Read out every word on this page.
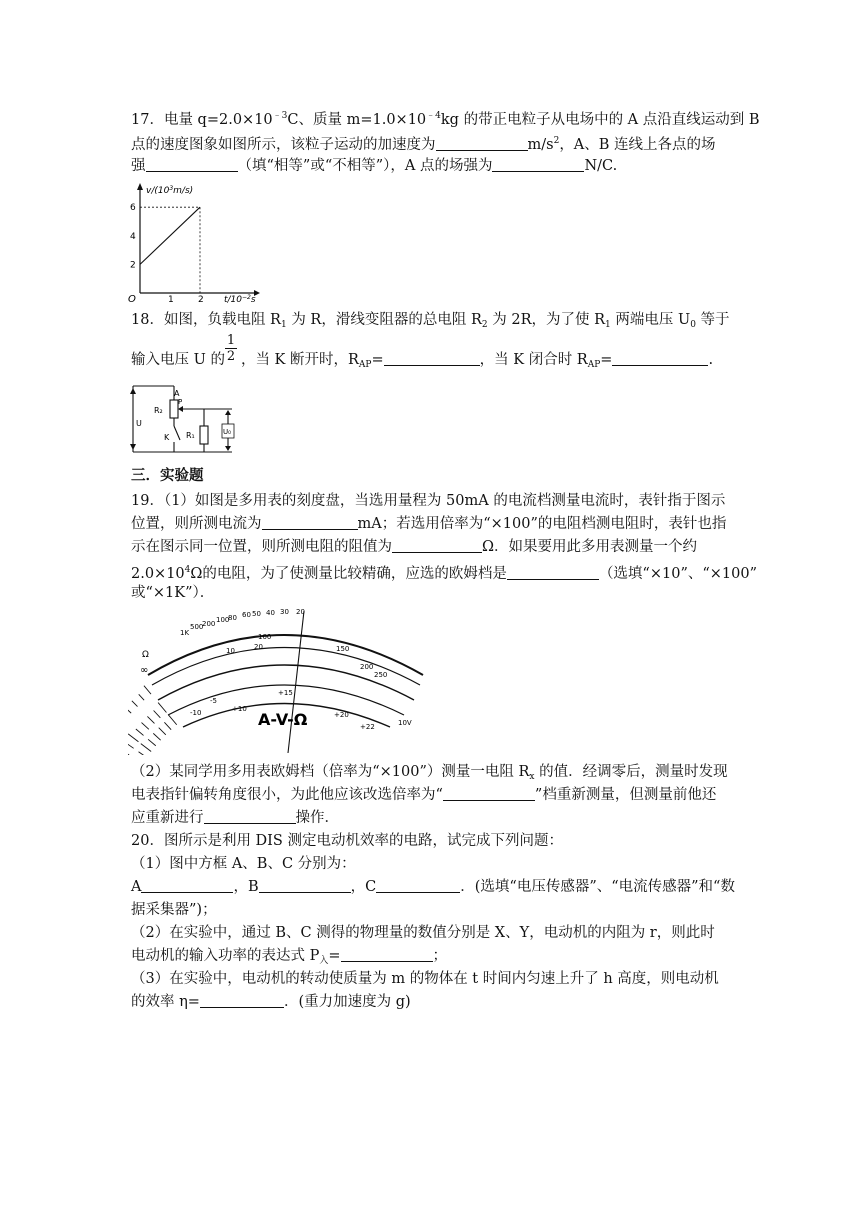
17．电量 $q=2.0\times 10^{﹣3}C$、质量 $m=1.0\times 10^{﹣4}kg$ 的带正电粒子从电场中的 A 点沿直线运动到 B
点的速度图象如图所示，该粒子运动的加速度为	$m/s^2$，A、B 连线上各点的场
强	（填“相等”或“不相等”），A 点的场强为	N/C.
2
4
6
1	2
$v/(10^3m/s)$
O	$t/10^{-2}s$
18．如图，负载电阻 $R_1$ 为 R，滑线变阻器的总电阻 $R_2$ 为 2R，为了使 $R_1$ 两端电压 $U_0$ 等于
1
2
输入电压 U 的 ，当 K 断开时，$R_{AP}=$	，当 K 闭合时 $R_{AP}=$	.
A
P
R₂
U
K R₁	U₀
三．实验题
19．（1）如图是多用表的刻度盘，当选用量程为 50mA 的电流档测量电流时，表针指于图示
位置，则所测电流为	mA；若选用倍率为“×100”的电阻档测电阻时，表针也指
示在图示同一位置，则所测电阻的阻值为	Ω．如果要用此多用表测量一个约
$2.0\times 10^4\Omega$的电阻，为了使测量比较精确，应选的欧姆档是	（选填“×10”、“×100”
或“×1K”）．
1K
500
200 100
80 60 50 40 30 20
10	20
100
150
200
250
-10
-5
+10
+15
+20
+22
Ω
∞
10V
A-V-Ω
（2）某同学用多用表欧姆档（倍率为“×100”）测量一电阻 $R_x$ 的值．经调零后，测量时发现
电表指针偏转角度很小，为此他应该改选倍率为“	”档重新测量，但测量前他还
应重新进行	操作．
20．图所示是利用 DIS 测定电动机效率的电路，试完成下列问题：
（1）图中方框 A、B、C 分别为：
A	，B	，C	．(选填“电压传感器”、“电流传感器”和“数
据采集器”)；
（2）在实验中，通过 B、C 测得的物理量的数值分别是 X、Y，电动机的内阻为 r，则此时
电动机的输入功率的表达式 $P_入=$	；
（3）在实验中，电动机的转动使质量为 m 的物体在 t 时间内匀速上升了 h 高度，则电动机
的效率 η=	．(重力加速度为 g)
